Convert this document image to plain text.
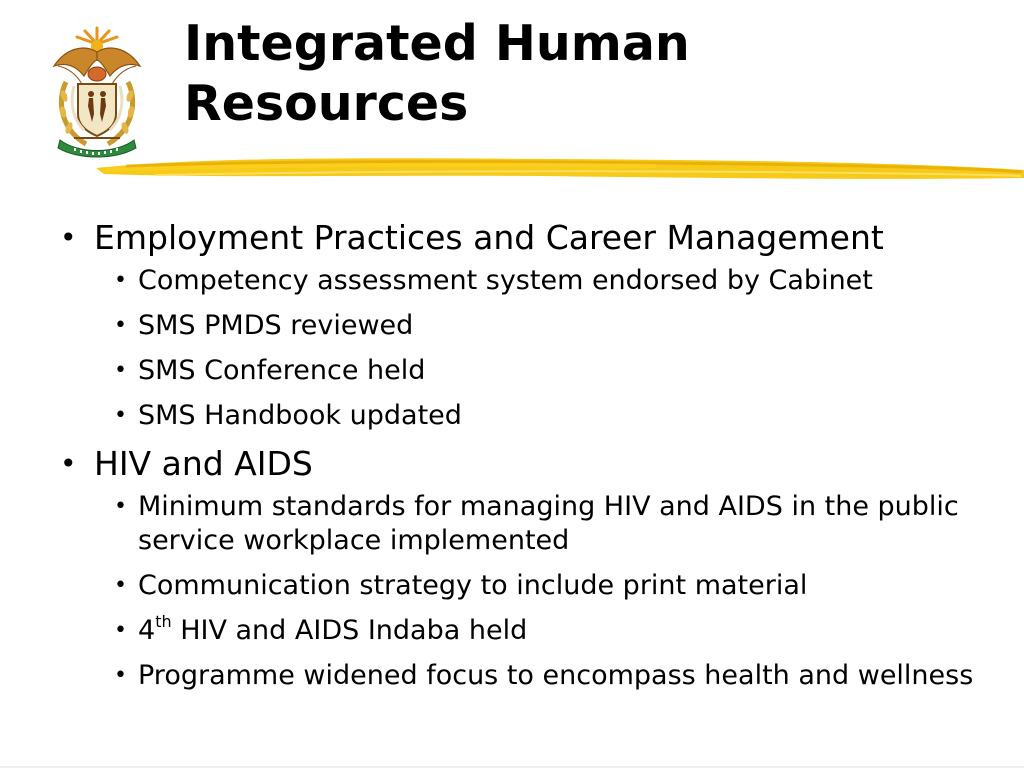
Integrated Human
Resources
• Employment Practices and Career Management
• Competency assessment system endorsed by Cabinet
• SMS PMDS reviewed
• SMS Conference held
• SMS Handbook updated
• HIV and AIDS
• Minimum standards for managing HIV and AIDS in the public service workplace implemented
• Communication strategy to include print material
• 4th HIV and AIDS Indaba held
• Programme widened focus to encompass health and wellness
